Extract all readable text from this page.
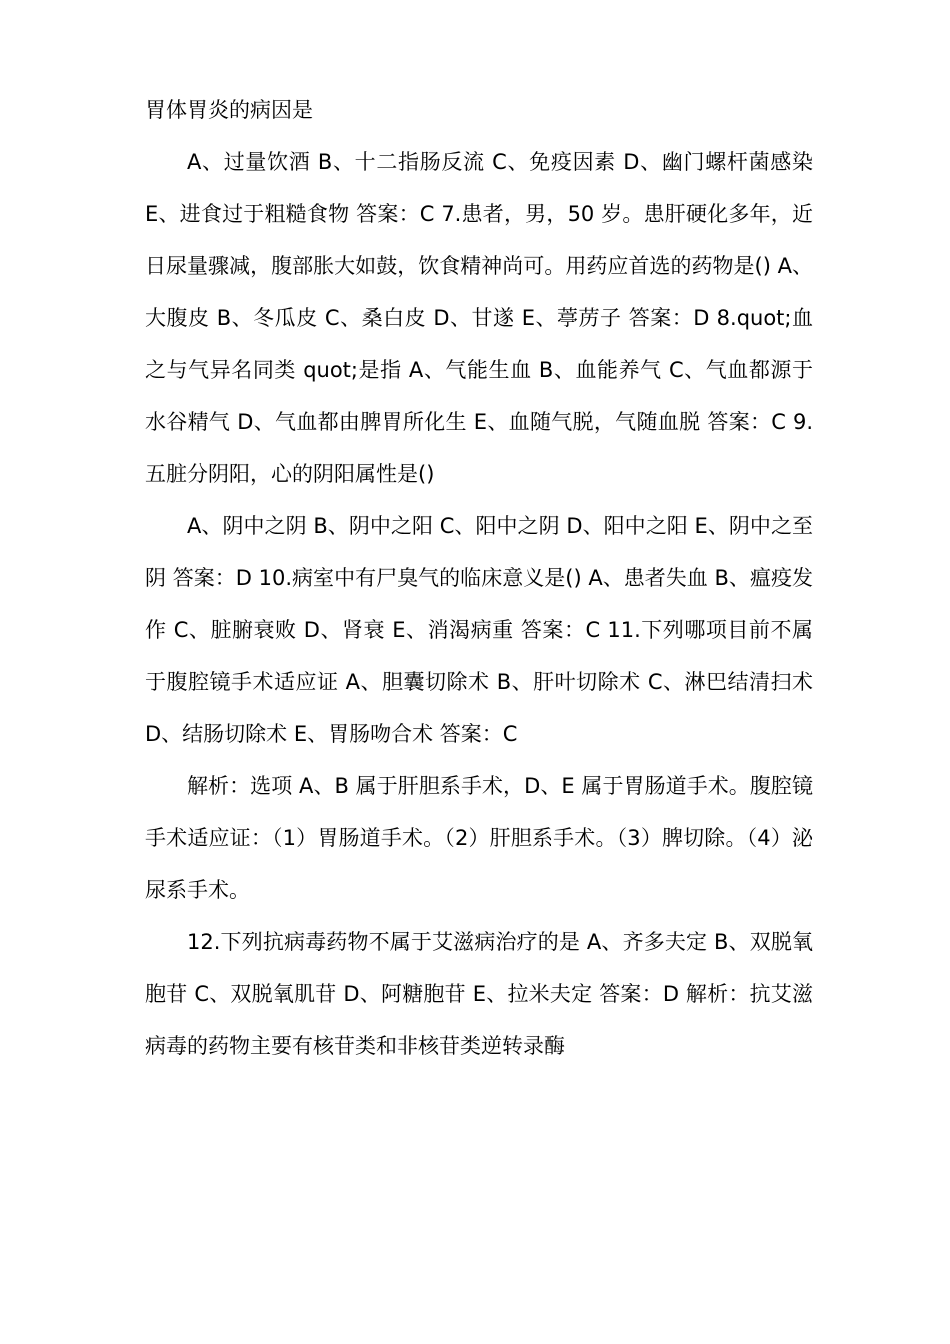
胃体胃炎的病因是

A、过量饮酒 B、十二指肠反流 C、免疫因素 D、幽门螺杆菌感染 E、进食过于粗糙食物 答案：C 7.患者，男，50 岁。患肝硬化多年，近日尿量骤减，腹部胀大如鼓，饮食精神尚可。用药应首选的药物是() A、大腹皮 B、冬瓜皮 C、桑白皮 D、甘遂 E、葶苈子 答案：D 8.quot;血之与气异名同类 quot;是指 A、气能生血 B、血能养气 C、气血都源于水谷精气 D、气血都由脾胃所化生 E、血随气脱，气随血脱 答案：C 9.五脏分阴阳，心的阴阳属性是()

A、阴中之阴 B、阴中之阳 C、阳中之阴 D、阳中之阳 E、阴中之至阴 答案：D 10.病室中有尸臭气的临床意义是() A、患者失血 B、瘟疫发作 C、脏腑衰败 D、肾衰 E、消渴病重 答案：C 11.下列哪项目前不属于腹腔镜手术适应证 A、胆囊切除术 B、肝叶切除术 C、淋巴结清扫术 D、结肠切除术 E、胃肠吻合术 答案：C

解析：选项 A、B 属于肝胆系手术，D、E 属于胃肠道手术。腹腔镜手术适应证：（1）胃肠道手术。（2）肝胆系手术。（3）脾切除。（4）泌尿系手术。

12.下列抗病毒药物不属于艾滋病治疗的是 A、齐多夫定 B、双脱氧胞苷 C、双脱氧肌苷 D、阿糖胞苷 E、拉米夫定 答案：D 解析：抗艾滋病毒的药物主要有核苷类和非核苷类逆转录酶
